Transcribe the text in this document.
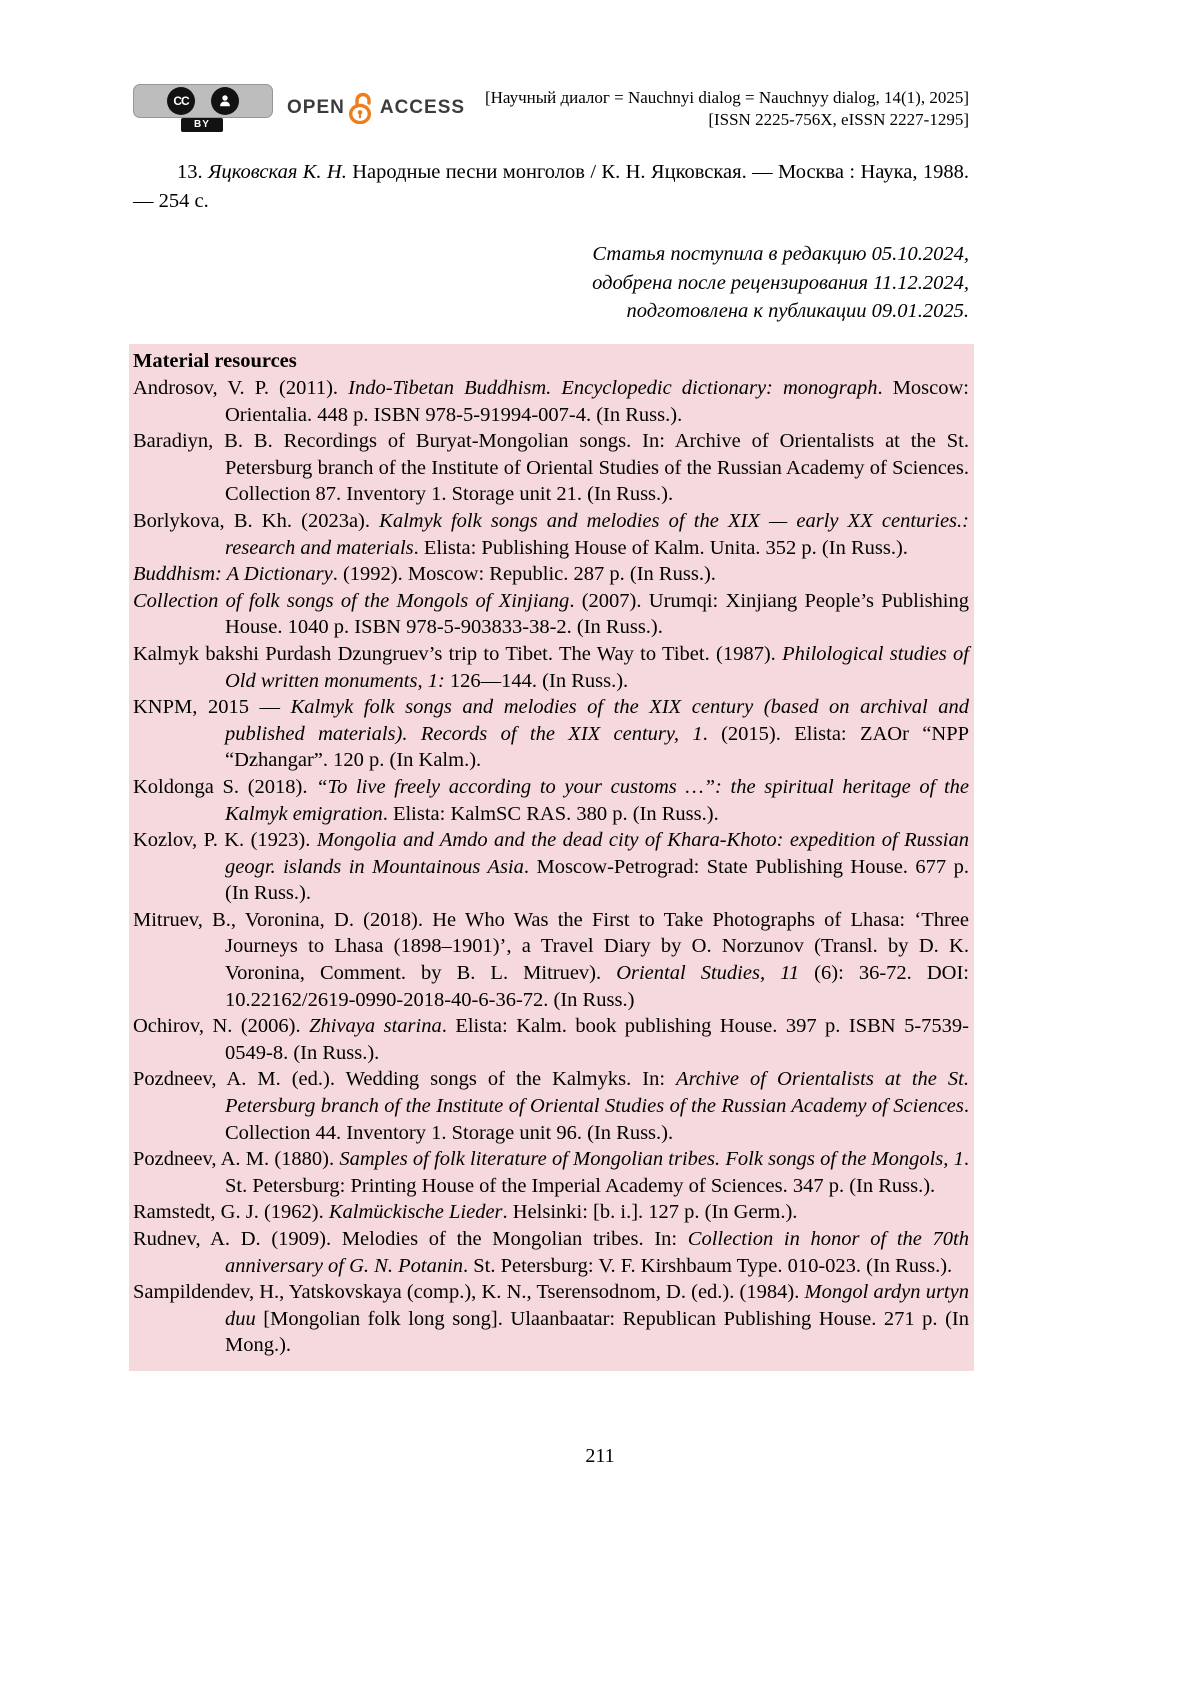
CC
BY
OPEN ACCESS [Научный диалог = Nauchnyi dialog = Nauchnyy dialog, 14(1), 2025]
[ISSN 2225-756X, eISSN 2227-1295]

13. Яцковская К. Н. Народные песни монголов / К. Н. Яцковская. — Москва : Наука, 1988. — 254 с.

Статья поступила в редакцию 05.10.2024,
одобрена после рецензирования 11.12.2024,
подготовлена к публикации 09.01.2025.
Material resources

Androsov, V. P. (2011). Indo-Tibetan Buddhism. Encyclopedic dictionary: monograph. Moscow: Orientalia. 448 p. ISBN 978-5-91994-007-4. (In Russ.).

Baradiyn, B. B. Recordings of Buryat-Mongolian songs. In: Archive of Orientalists at the St. Petersburg branch of the Institute of Oriental Studies of the Russian Academy of Sciences. Collection 87. Inventory 1. Storage unit 21. (In Russ.).

Borlykova, B. Kh. (2023a). Kalmyk folk songs and melodies of the XIX — early XX centuries.: research and materials. Elista: Publishing House of Kalm. Unita. 352 p. (In Russ.).

Buddhism: A Dictionary. (1992). Moscow: Republic. 287 p. (In Russ.).

Collection of folk songs of the Mongols of Xinjiang. (2007). Urumqi: Xinjiang People’s Publishing House. 1040 p. ISBN 978-5-903833-38-2. (In Russ.).

Kalmyk bakshi Purdash Dzungruev’s trip to Tibet. The Way to Tibet. (1987). Philological studies of Old written monuments, 1: 126—144. (In Russ.).

KNPM, 2015 — Kalmyk folk songs and melodies of the XIX century (based on archival and published materials). Records of the XIX century, 1. (2015). Elista: ZAOr “NPP “Dzhangar”. 120 p. (In Kalm.).

Koldonga S. (2018). “To live freely according to your customs …”: the spiritual heritage of the Kalmyk emigration. Elista: KalmSC RAS. 380 p. (In Russ.).

Kozlov, P. K. (1923). Mongolia and Amdo and the dead city of Khara-Khoto: expedition of Russian geogr. islands in Mountainous Asia. Moscow-Petrograd: State Publishing House. 677 p. (In Russ.).

Mitruev, B., Voronina, D. (2018). He Who Was the First to Take Photographs of Lhasa: ‘Three Journeys to Lhasa (1898–1901)’, a Travel Diary by O. Norzunov (Transl. by D. K. Voronina, Comment. by B. L. Mitruev). Oriental Studies, 11 (6): 36-72. DOI: 10.22162/2619-0990-2018-40-6-36-72. (In Russ.)

Ochirov, N. (2006). Zhivaya starina. Elista: Kalm. book publishing House. 397 p. ISBN 5-7539-0549-8. (In Russ.).

Pozdneev, A. M. (ed.). Wedding songs of the Kalmyks. In: Archive of Orientalists at the St. Petersburg branch of the Institute of Oriental Studies of the Russian Academy of Sciences. Collection 44. Inventory 1. Storage unit 96. (In Russ.).

Pozdneev, A. M. (1880). Samples of folk literature of Mongolian tribes. Folk songs of the Mongols, 1. St. Petersburg: Printing House of the Imperial Academy of Sciences. 347 p. (In Russ.).

Ramstedt, G. J. (1962). Kalmückische Lieder. Helsinki: [b. i.]. 127 p. (In Germ.).

Rudnev, A. D. (1909). Melodies of the Mongolian tribes. In: Collection in honor of the 70th anniversary of G. N. Potanin. St. Petersburg: V. F. Kirshbaum Type. 010-023. (In Russ.).

Sampildendev, H., Yatskovskaya (comp.), K. N., Tserensodnom, D. (ed.). (1984). Mongol ardyn urtyn duu [Mongolian folk long song]. Ulaanbaatar: Republican Publishing House. 271 p. (In Mong.).

211
